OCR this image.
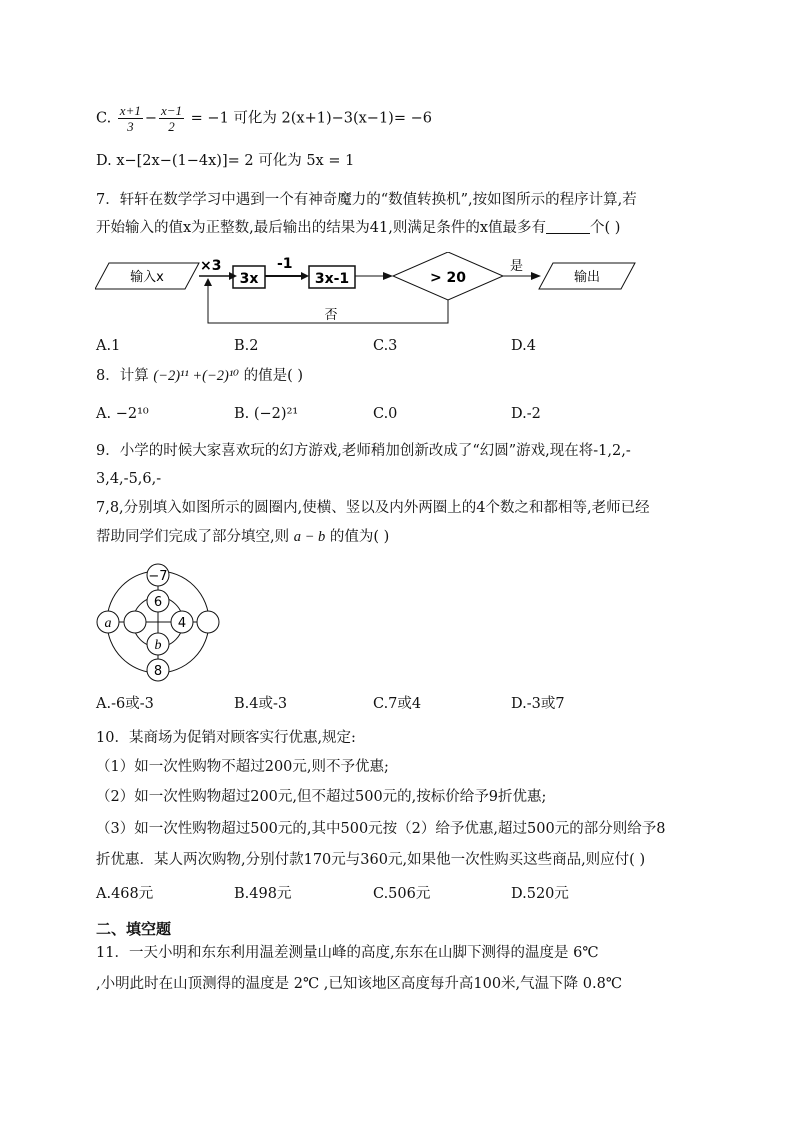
C. $\frac{x+1}{3} - \frac{x-1}{2} = -1$ 可化为 2(x+1)−3(x−1)= −6
D. x−[2x−(1−4x)]= 2 可化为 5x = 1
7．轩轩在数学学习中遇到一个有神奇魔力的“数值转换机”,按如图所示的程序计算,若
开始输入的值x为正整数,最后输出的结果为41,则满足条件的x值最多有	个( )
输入x
×3
3x
-1
3x-1	> 20
是
输出
否
A.1	B.2	C.3	D.4
8．计算 (−2)¹¹ +(−2)¹⁰ 的值是( )
A. −2¹⁰	B. (−2)²¹	C.0	D.-2
9．小学的时候大家喜欢玩的幻方游戏,老师稍加创新改成了“幻圆”游戏,现在将-1,2,-
3,4,-5,6,-
7,8,分别填入如图所示的圆圈内,使横、竖以及内外两圈上的4个数之和都相等,老师已经
帮助同学们完成了部分填空,则 a − b 的值为( )
−7
6
a	4
b
8
A.-6或-3	B.4或-3	C.7或4	D.-3或7
10．某商场为促销对顾客实行优惠,规定:
（1）如一次性购物不超过200元,则不予优惠;
（2）如一次性购物超过200元,但不超过500元的,按标价给予9折优惠;
（3）如一次性购物超过500元的,其中500元按（2）给予优惠,超过500元的部分则给予8
折优惠．某人两次购物,分别付款170元与360元,如果他一次性购买这些商品,则应付( )
A.468元	B.498元	C.506元	D.520元
二、填空题
11．一天小明和东东利用温差测量山峰的高度,东东在山脚下测得的温度是 6℃
,小明此时在山顶测得的温度是 2℃ ,已知该地区高度每升高100米,气温下降 0.8℃
